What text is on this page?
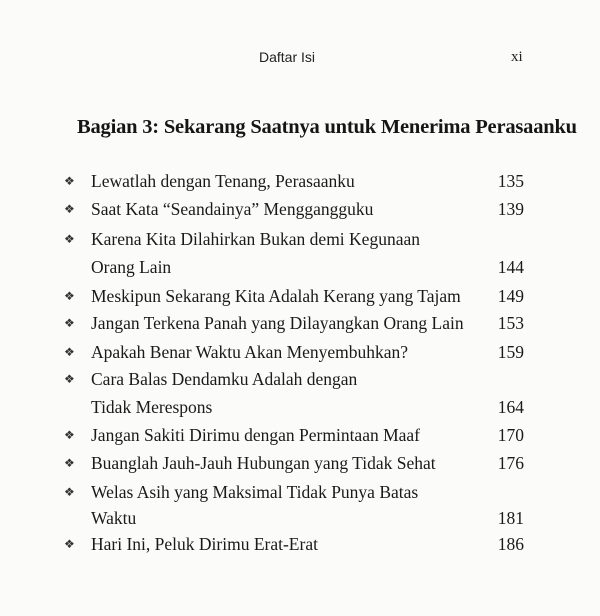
Daftar Isi	xi
Bagian 3: Sekarang Saatnya untuk Menerima Perasaanku
❖ Lewatlah dengan Tenang, Perasaanku	135
❖ Saat Kata “Seandainya” Menggangguku	139
❖ Karena Kita Dilahirkan Bukan demi Kegunaan
Orang Lain	144
❖ Meskipun Sekarang Kita Adalah Kerang yang Tajam 149
❖ Jangan Terkena Panah yang Dilayangkan Orang Lain 153
❖ Apakah Benar Waktu Akan Menyembuhkan?	159
❖ Cara Balas Dendamku Adalah dengan
Tidak Merespons	164
❖ Jangan Sakiti Dirimu dengan Permintaan Maaf	170
❖ Buanglah Jauh-Jauh Hubungan yang Tidak Sehat	176
❖ Welas Asih yang Maksimal Tidak Punya Batas
Waktu	181
❖ Hari Ini, Peluk Dirimu Erat-Erat	186
